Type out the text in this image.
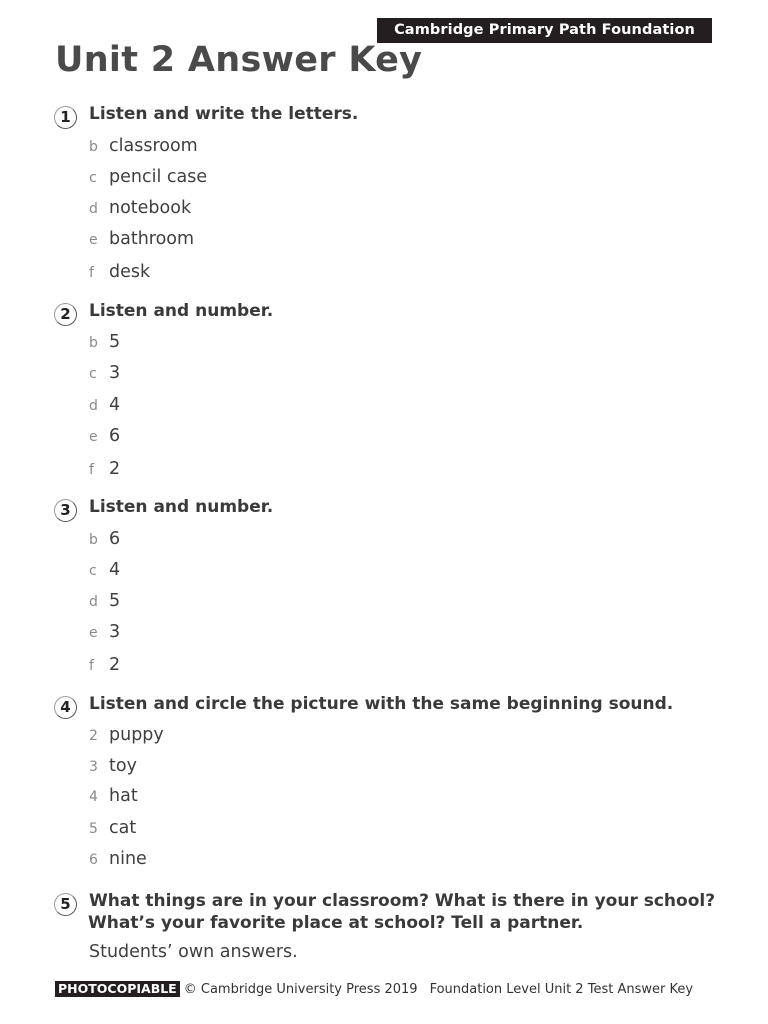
Cambridge Primary Path Foundation Level
Unit 2 Answer Key
1	Listen and write the letters.
b classroom
c pencil case
d notebook
e bathroom
f desk
2	Listen and number.
b 5
c 3
d 4
e 6
f 2
3	Listen and number.
b 6
c 4
d 5
e 3
f 2
4	Listen and circle the picture with the same beginning sound.
2 puppy
3 toy
4 hat
5 cat
6 nine
5	What things are in your classroom? What is there in your school?
What’s your favorite place at school? Tell a partner.
Students’ own answers.
PHOTOCOPIABLE © Cambridge University Press 2019 Foundation Level Unit 2 Test Answer Key
